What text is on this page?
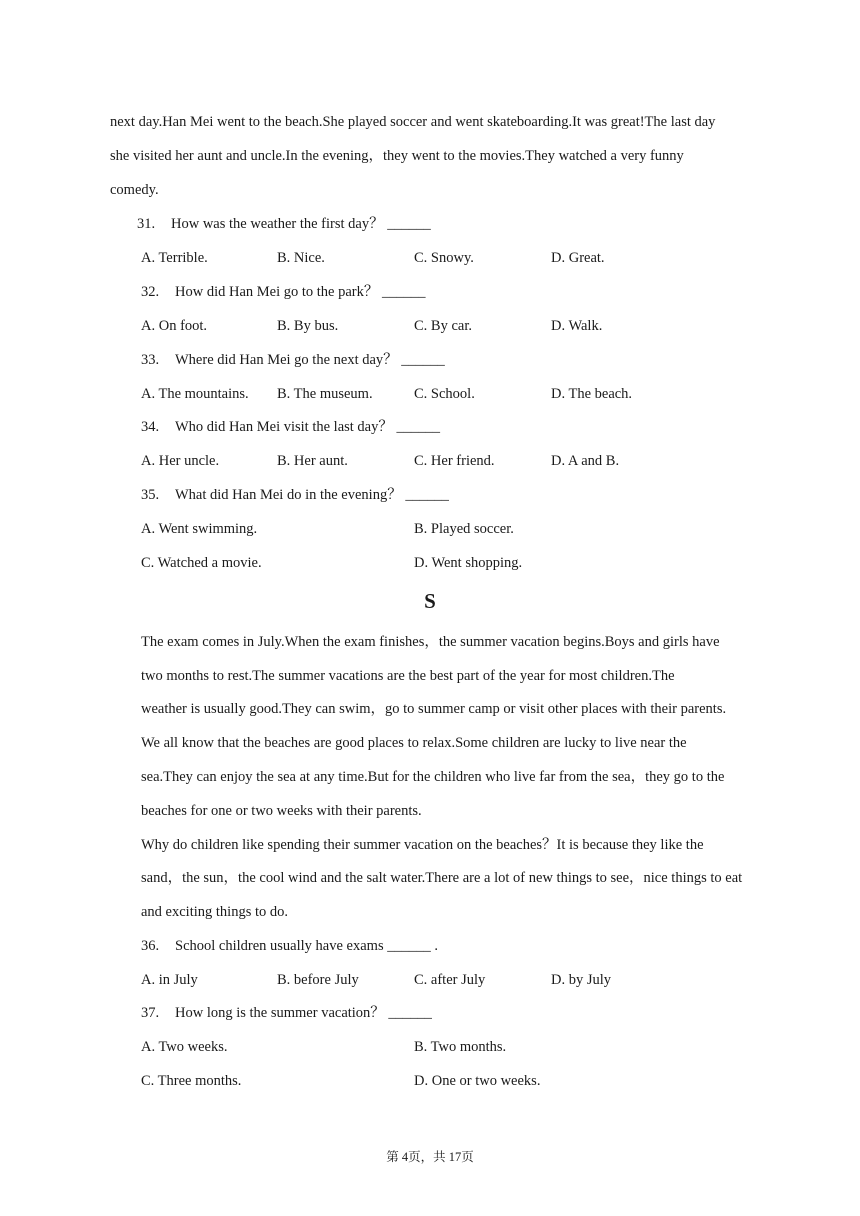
next day.Han Mei went to the beach.She played soccer and went skateboarding.It was great!The last day
she visited her aunt and uncle.In the evening，they went to the movies.They watched a very funny
comedy.
31. How was the weather the first day？ ______
A. Terrible.	B. Nice.	C. Snowy.	D. Great.
32. How did Han Mei go to the park？ ______
A. On foot.	B. By bus.	C. By car.	D. Walk.
33. Where did Han Mei go the next day？ ______
A. The mountains. B. The museum.	C. School.	D. The beach.
34. Who did Han Mei visit the last day？ ______
A. Her uncle.	B. Her aunt.	C. Her friend.	D. A and B.
35. What did Han Mei do in the evening？ ______
A. Went swimming.	B. Played soccer.
C. Watched a movie.	D. Went shopping.
S
The exam comes in July.When the exam finishes，the summer vacation begins.Boys and girls have
two months to rest.The summer vacations are the best part of the year for most children.The
weather is usually good.They can swim，go to summer camp or visit other places with their parents.
We all know that the beaches are good places to relax.Some children are lucky to live near the
sea.They can enjoy the sea at any time.But for the children who live far from the sea，they go to the
beaches for one or two weeks with their parents.
Why do children like spending their summer vacation on the beaches？It is because they like the
sand，the sun，the cool wind and the salt water.There are a lot of new things to see，nice things to eat
and exciting things to do.
36. School children usually have exams ______ .
A. in July	B. before July	C. after July	D. by July
37. How long is the summer vacation？ ______
A. Two weeks.	B. Two months.
C. Three months.	D. One or two weeks.
第 4页，共 17页
